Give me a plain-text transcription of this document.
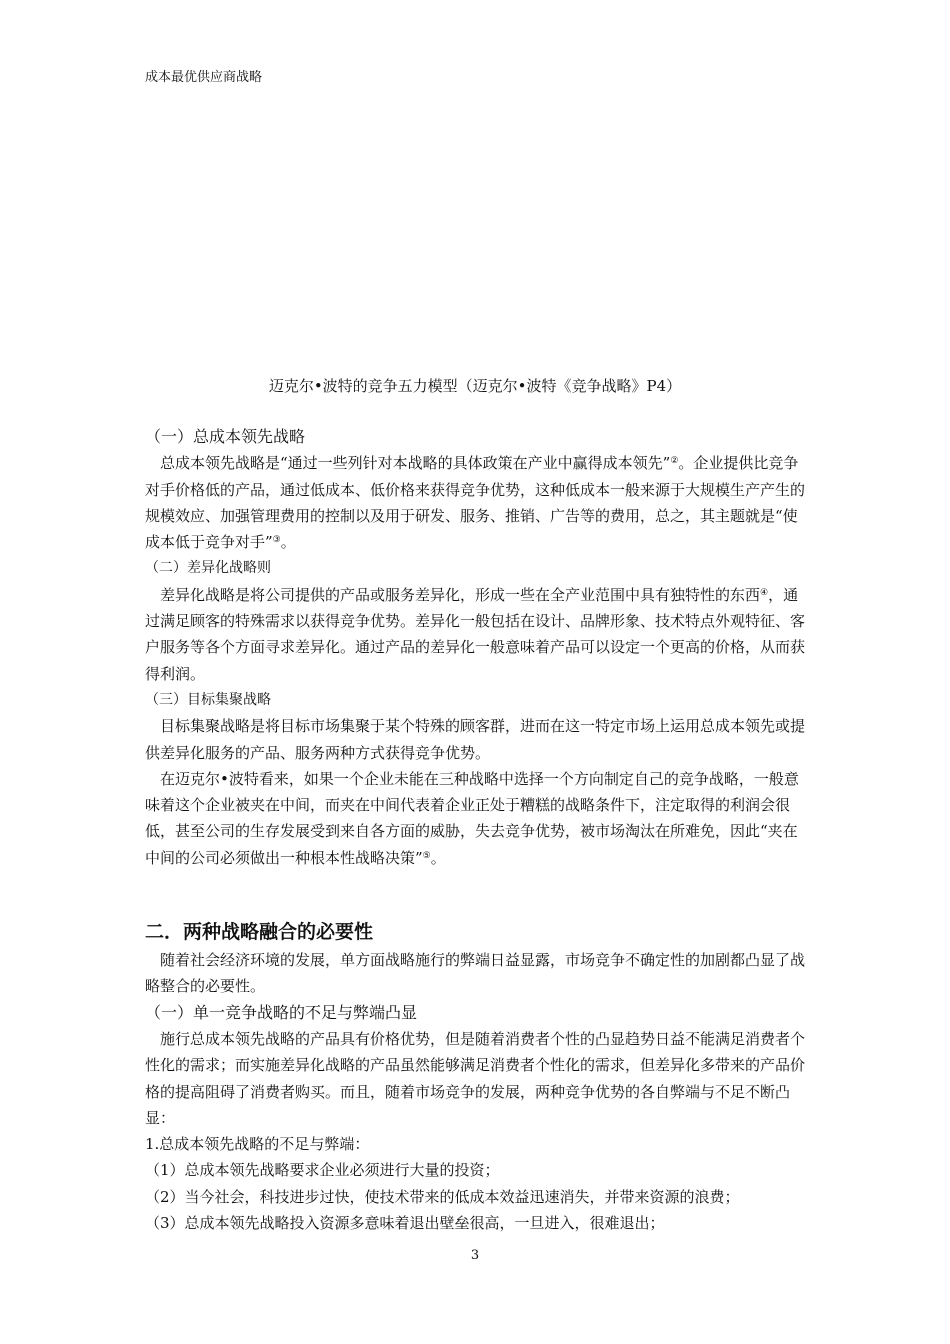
成本最优供应商战略
迈克尔•波特的竞争五力模型（迈克尔•波特《竞争战略》P4）

（一）总成本领先战略

总成本领先战略是“通过一些列针对本战略的具体政策在产业中赢得成本领先”②。企业提供比竞争对手价格低的产品，通过低成本、低价格来获得竞争优势，这种低成本一般来源于大规模生产产生的规模效应、加强管理费用的控制以及用于研发、服务、推销、广告等的费用，总之，其主题就是“使成本低于竞争对手”③。

（二）差异化战略则

差异化战略是将公司提供的产品或服务差异化，形成一些在全产业范围中具有独特性的东西④，通过满足顾客的特殊需求以获得竞争优势。差异化一般包括在设计、品牌形象、技术特点外观特征、客户服务等各个方面寻求差异化。通过产品的差异化一般意味着产品可以设定一个更高的价格，从而获得利润。

（三）目标集聚战略

目标集聚战略是将目标市场集聚于某个特殊的顾客群，进而在这一特定市场上运用总成本领先或提供差异化服务的产品、服务两种方式获得竞争优势。

在迈克尔•波特看来，如果一个企业未能在三种战略中选择一个方向制定自己的竞争战略，一般意味着这个企业被夹在中间，而夹在中间代表着企业正处于糟糕的战略条件下，注定取得的利润会很低，甚至公司的生存发展受到来自各方面的威胁，失去竞争优势，被市场淘汰在所难免，因此“夹在中间的公司必须做出一种根本性战略决策”⑤。

二．两种战略融合的必要性

随着社会经济环境的发展，单方面战略施行的弊端日益显露，市场竞争不确定性的加剧都凸显了战略整合的必要性。

（一）单一竞争战略的不足与弊端凸显

施行总成本领先战略的产品具有价格优势，但是随着消费者个性的凸显趋势日益不能满足消费者个性化的需求；而实施差异化战略的产品虽然能够满足消费者个性化的需求，但差异化多带来的产品价格的提高阻碍了消费者购买。而且，随着市场竞争的发展，两种竞争优势的各自弊端与不足不断凸显：

1.总成本领先战略的不足与弊端：

（1）总成本领先战略要求企业必须进行大量的投资；

（2）当今社会，科技进步过快，使技术带来的低成本效益迅速消失，并带来资源的浪费；

（3）总成本领先战略投入资源多意味着退出壁垒很高，一旦进入，很难退出；

3
